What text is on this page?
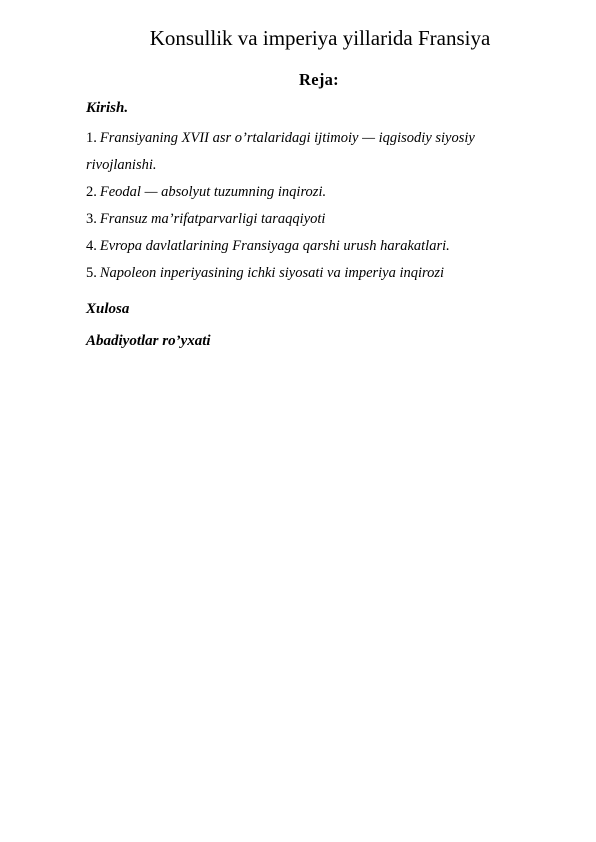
Konsullik va imperiya yillarida Fransiya
Reja:
Kirish.
1. Fransiyaning XVII asr o’rtalaridagi ijtimoiy — iqgisodiy siyosiy rivojlanishi.
2. Feodal — absolyut tuzumning inqirozi.
3. Fransuz ma’rifatparvarligi taraqqiyoti
4. Evropa davlatlarining Fransiyaga qarshi urush harakatlari.
5. Napoleon inperiyasining ichki siyosati va imperiya inqirozi
Xulosa
Abadiyotlar ro’yxati
